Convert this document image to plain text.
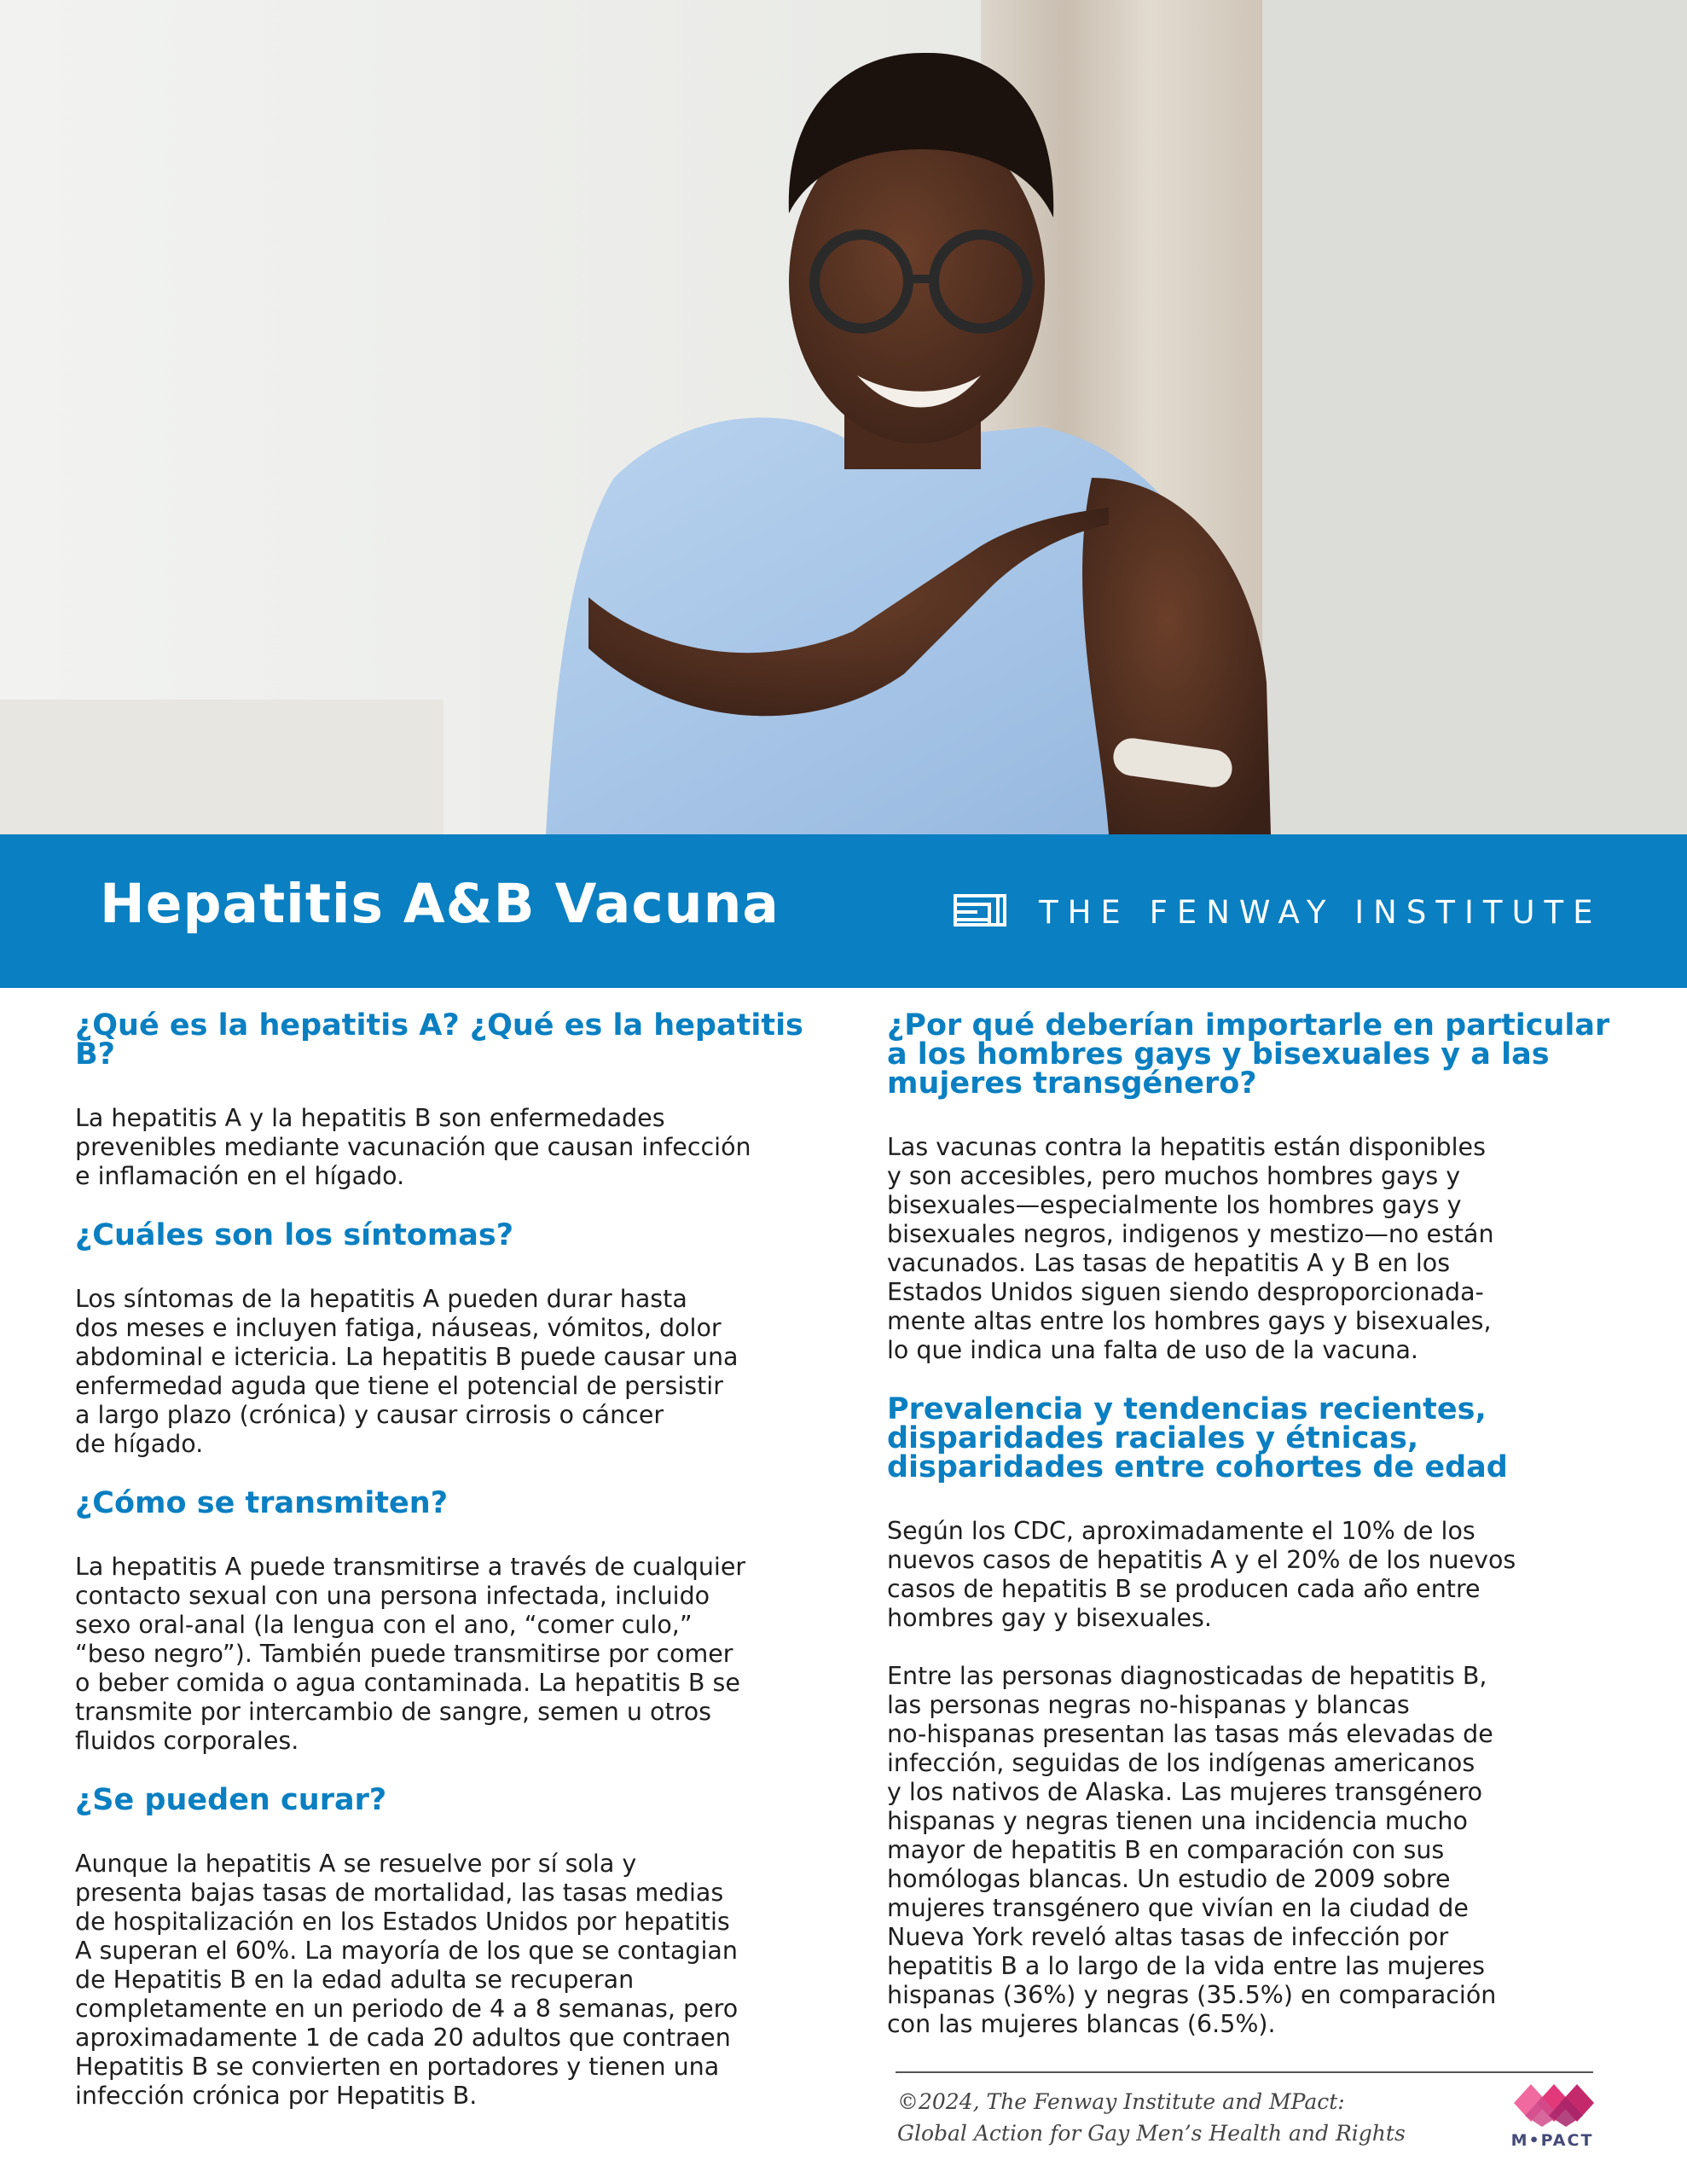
Hepatitis A&B Vacuna	THE FENWAY INSTITUTE
¿Qué es la hepatitis A? ¿Qué es la hepatitis B?

La hepatitis A y la hepatitis B son enfermedades
prevenibles mediante vacunación que causan infección
e inflamación en el hígado.

¿Cuáles son los síntomas?

Los síntomas de la hepatitis A pueden durar hasta
dos meses e incluyen fatiga, náuseas, vómitos, dolor
abdominal e ictericia. La hepatitis B puede causar una
enfermedad aguda que tiene el potencial de persistir
a largo plazo (crónica) y causar cirrosis o cáncer
de hígado.

¿Cómo se transmiten?

La hepatitis A puede transmitirse a través de cualquier
contacto sexual con una persona infectada, incluido
sexo oral-anal (la lengua con el ano, “comer culo,”
“beso negro”). También puede transmitirse por comer
o beber comida o agua contaminada. La hepatitis B se
transmite por intercambio de sangre, semen u otros
fluidos corporales.

¿Se pueden curar?

Aunque la hepatitis A se resuelve por sí sola y
presenta bajas tasas de mortalidad, las tasas medias
de hospitalización en los Estados Unidos por hepatitis
A superan el 60%. La mayoría de los que se contagian
de Hepatitis B en la edad adulta se recuperan
completamente en un periodo de 4 a 8 semanas, pero
aproximadamente 1 de cada 20 adultos que contraen
Hepatitis B se convierten en portadores y tienen una
infección crónica por Hepatitis B.

¿Por qué deberían importarle en particular
a los hombres gays y bisexuales y a las
mujeres transgénero?

Las vacunas contra la hepatitis están disponibles
y son accesibles, pero muchos hombres gays y
bisexuales—especialmente los hombres gays y
bisexuales negros, indigenos y mestizo—no están
vacunados. Las tasas de hepatitis A y B en los
Estados Unidos siguen siendo desproporcionada-
mente altas entre los hombres gays y bisexuales,
lo que indica una falta de uso de la vacuna.

Prevalencia y tendencias recientes,
disparidades raciales y étnicas,
disparidades entre cohortes de edad

Según los CDC, aproximadamente el 10% de los
nuevos casos de hepatitis A y el 20% de los nuevos
casos de hepatitis B se producen cada año entre
hombres gay y bisexuales.

Entre las personas diagnosticadas de hepatitis B,
las personas negras no-hispanas y blancas
no-hispanas presentan las tasas más elevadas de
infección, seguidas de los indígenas americanos
y los nativos de Alaska. Las mujeres transgénero
hispanas y negras tienen una incidencia mucho
mayor de hepatitis B en comparación con sus
homólogas blancas. Un estudio de 2009 sobre
mujeres transgénero que vivían en la ciudad de
Nueva York reveló altas tasas de infección por
hepatitis B a lo largo de la vida entre las mujeres
hispanas (36%) y negras (35.5%) en comparación
con las mujeres blancas (6.5%).

©2024, The Fenway Institute and MPact:
Global Action for Gay Men’s Health and Rights	M•PACT
